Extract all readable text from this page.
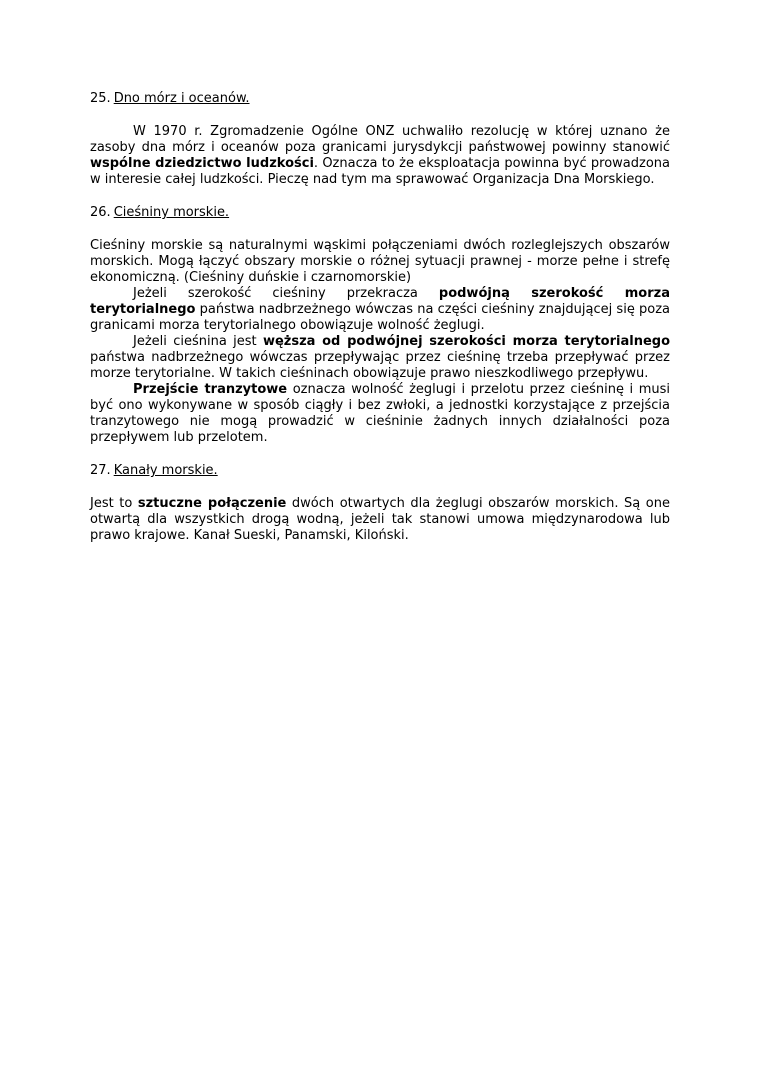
25. Dno mórz i oceanów.

W 1970 r. Zgromadzenie Ogólne ONZ uchwaliło rezolucję w której uznano że zasoby dna mórz i oceanów poza granicami jurysdykcji państwowej powinny stanowić wspólne dziedzictwo ludzkości. Oznacza to że eksploatacja powinna być prowadzona w interesie całej ludzkości. Pieczę nad tym ma sprawować Organizacja Dna Morskiego.

26. Cieśniny morskie.

Cieśniny morskie są naturalnymi wąskimi połączeniami dwóch rozleglejszych obszarów morskich. Mogą łączyć obszary morskie o różnej sytuacji prawnej - morze pełne i strefę ekonomiczną. (Cieśniny duńskie i czarnomorskie)

Jeżeli szerokość cieśniny przekracza podwójną szerokość morza terytorialnego państwa nadbrzeżnego wówczas na części cieśniny znajdującej się poza granicami morza terytorialnego obowiązuje wolność żeglugi.

Jeżeli cieśnina jest węższa od podwójnej szerokości morza terytorialnego państwa nadbrzeżnego wówczas przepływając przez cieśninę trzeba przepływać przez morze terytorialne. W takich cieśninach obowiązuje prawo nieszkodliwego przepływu.

Przejście tranzytowe oznacza wolność żeglugi i przelotu przez cieśninę i musi być ono wykonywane w sposób ciągły i bez zwłoki, a jednostki korzystające z przejścia tranzytowego nie mogą prowadzić w cieśninie żadnych innych działalności poza przepływem lub przelotem.

27. Kanały morskie.

Jest to sztuczne połączenie dwóch otwartych dla żeglugi obszarów morskich. Są one otwartą dla wszystkich drogą wodną, jeżeli tak stanowi umowa międzynarodowa lub prawo krajowe. Kanał Sueski, Panamski, Kiloński.
